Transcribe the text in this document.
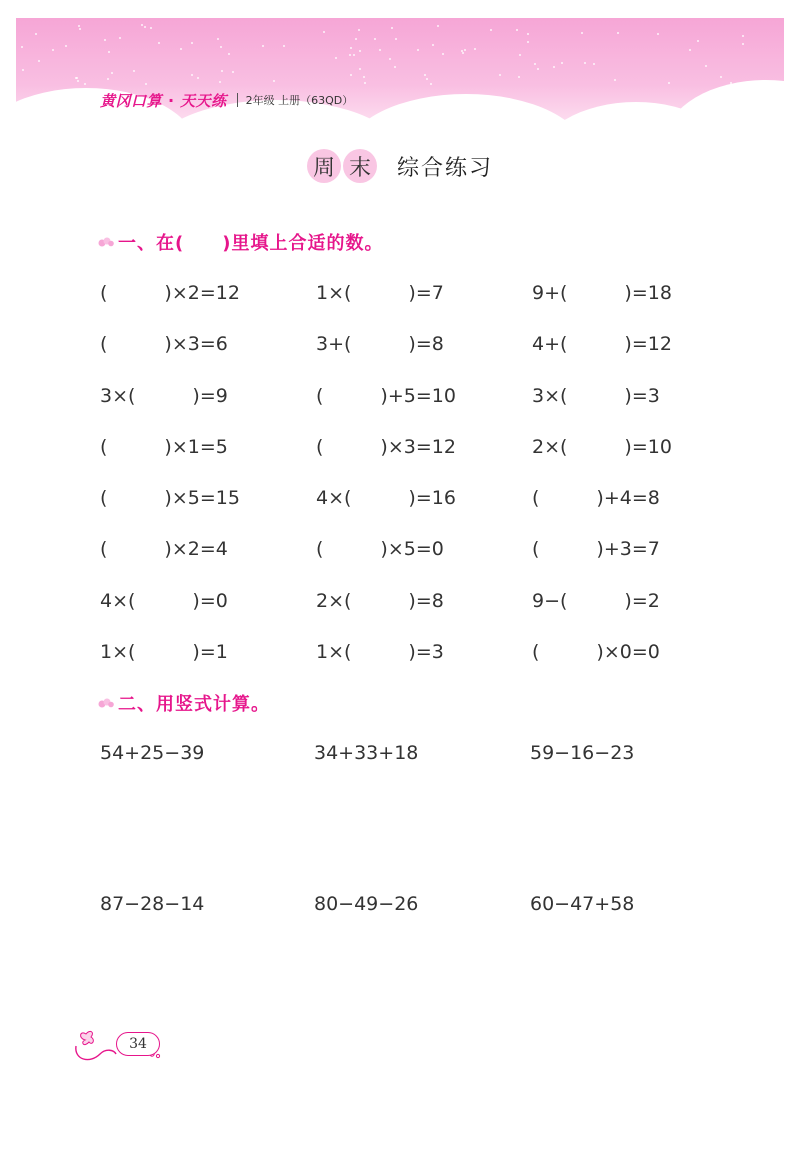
黄冈口算 · 天天练 2年级 上册（63QD）
周 末 综合练习
一、在(　　)里填上合适的数。
(　　　)×2=12	1×(　　　)=7	9+(　　　)=18
(　　　)×3=6	3+(　　　)=8	4+(　　　)=12
3×(　　　)=9	(　　　)+5=10	3×(　　　)=3
(　　　)×1=5	(　　　)×3=12	2×(　　　)=10
(　　　)×5=15	4×(　　　)=16	(　　　)+4=8
(　　　)×2=4	(　　　)×5=0	(　　　)+3=7
4×(　　　)=0	2×(　　　)=8	9−(　　　)=2
1×(　　　)=1	1×(　　　)=3	(　　　)×0=0
二、用竖式计算。
54+25−39	34+33+18	59−16−23
87−28−14	80−49−26	60−47+58
34
